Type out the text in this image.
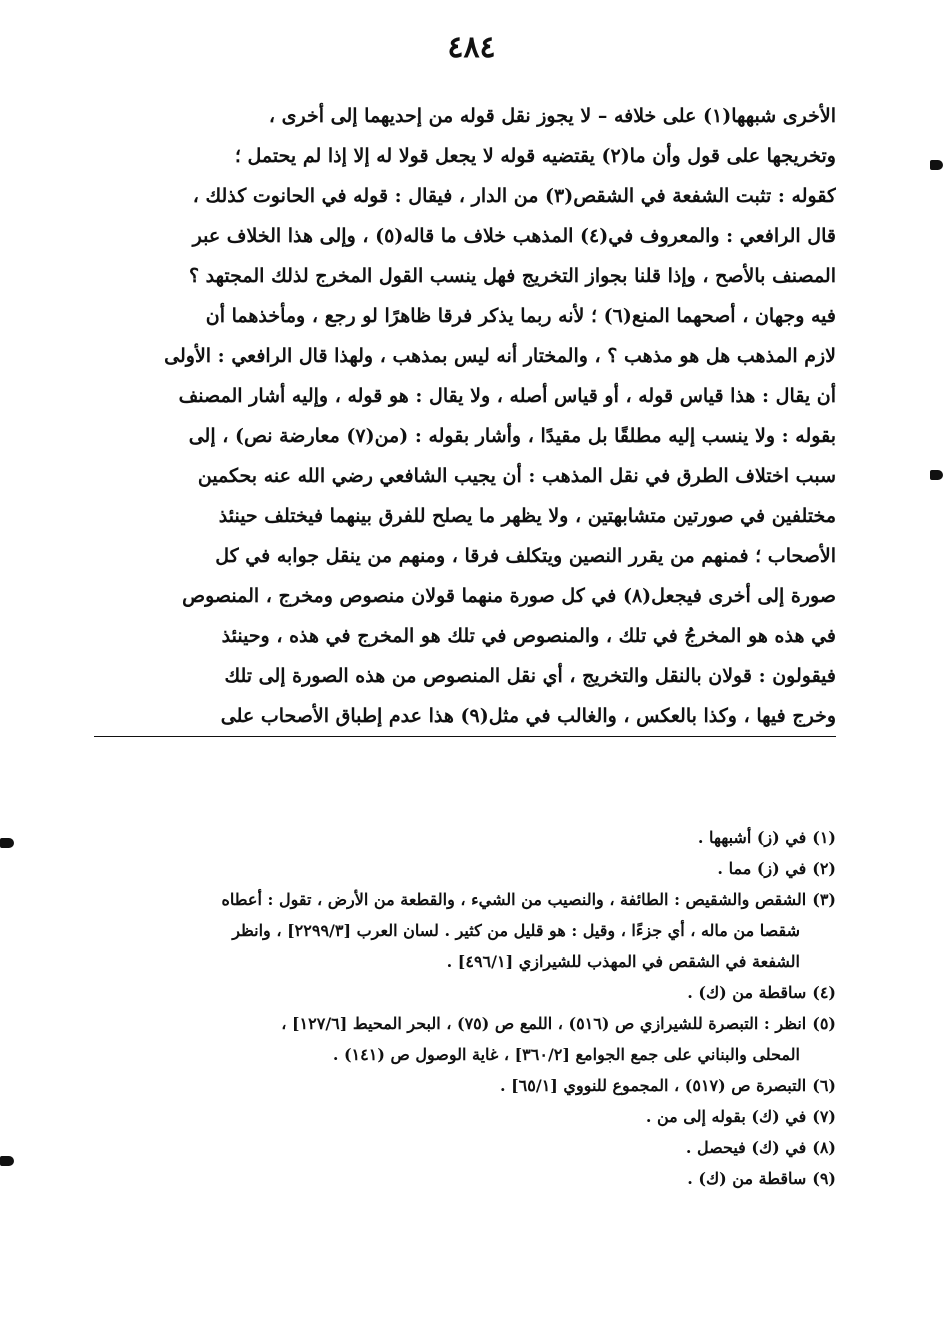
٤٨٤
الأخرى شبهها(١) على خلافه – لا يجوز نقل قوله من إحديهما إلى أخرى ،
وتخريجها على قول وأن ما(٢) يقتضيه قوله لا يجعل قولا له إلا إذا لم يحتمل ؛
كقوله : تثبت الشفعة في الشقص(٣) من الدار ، فيقال : قوله في الحانوت كذلك ،
قال الرافعي : والمعروف في(٤) المذهب خلاف ما قاله(٥) ، وإلى هذا الخلاف عبر
المصنف بالأصح ، وإذا قلنا بجواز التخريج فهل ينسب القول المخرج لذلك المجتهد ؟
فيه وجهان ، أصحهما المنع(٦) ؛ لأنه ربما يذكر فرقا ظاهرًا لو رجع ، ومأخذهما أن
لازم المذهب هل هو مذهب ؟ ، والمختار أنه ليس بمذهب ، ولهذا قال الرافعي : الأولى
أن يقال : هذا قياس قوله ، أو قياس أصله ، ولا يقال : هو قوله ، وإليه أشار المصنف
بقوله : ولا ينسب إليه مطلقًا بل مقيدًا ، وأشار بقوله : (من(٧) معارضة نص) ، إلى
سبب اختلاف الطرق في نقل المذهب : أن يجيب الشافعي رضي الله عنه بحكمين
مختلفين في صورتين متشابهتين ، ولا يظهر ما يصلح للفرق بينهما فيختلف حينئذ
الأصحاب ؛ فمنهم من يقرر النصين ويتكلف فرقا ، ومنهم من ينقل جوابه في كل
صورة إلى أخرى فيجعل(٨) في كل صورة منهما قولان منصوص ومخرج ، المنصوص
في هذه هو المخرجُ في تلك ، والمنصوص في تلك هو المخرج في هذه ، وحينئذ
فيقولون : قولان بالنقل والتخريج ، أي نقل المنصوص من هذه الصورة إلى تلك
وخرج فيها ، وكذا بالعكس ، والغالب في مثل(٩) هذا عدم إطباق الأصحاب على
(١)في (ز) أشبهها .
(٢)في (ز) مما .
(٣)الشقص والشقيص : الطائفة ، والنصيب من الشيء ، والقطعة من الأرض ، تقول : أعطاه
شقصا من ماله ، أي جزءًا ، وقيل : هو قليل من كثير . لسان العرب [٢٢٩٩/٣] ، وانظر
الشفعة في الشقص في المهذب للشيرازي [٤٩٦/١] .
(٤)ساقطة من (ك) .
(٥)انظر : التبصرة للشيرازي ص (٥١٦) ، اللمع ص (٧٥) ، البحر المحيط [١٢٧/٦] ،
المحلى والبناني على جمع الجوامع [٣٦٠/٢] ، غاية الوصول ص (١٤١) .
(٦)التبصرة ص (٥١٧) ، المجموع للنووي [٦٥/١] .
(٧)في (ك) بقوله إلى من .
(٨)في (ك) فيحصل .
(٩)ساقطة من (ك) .
